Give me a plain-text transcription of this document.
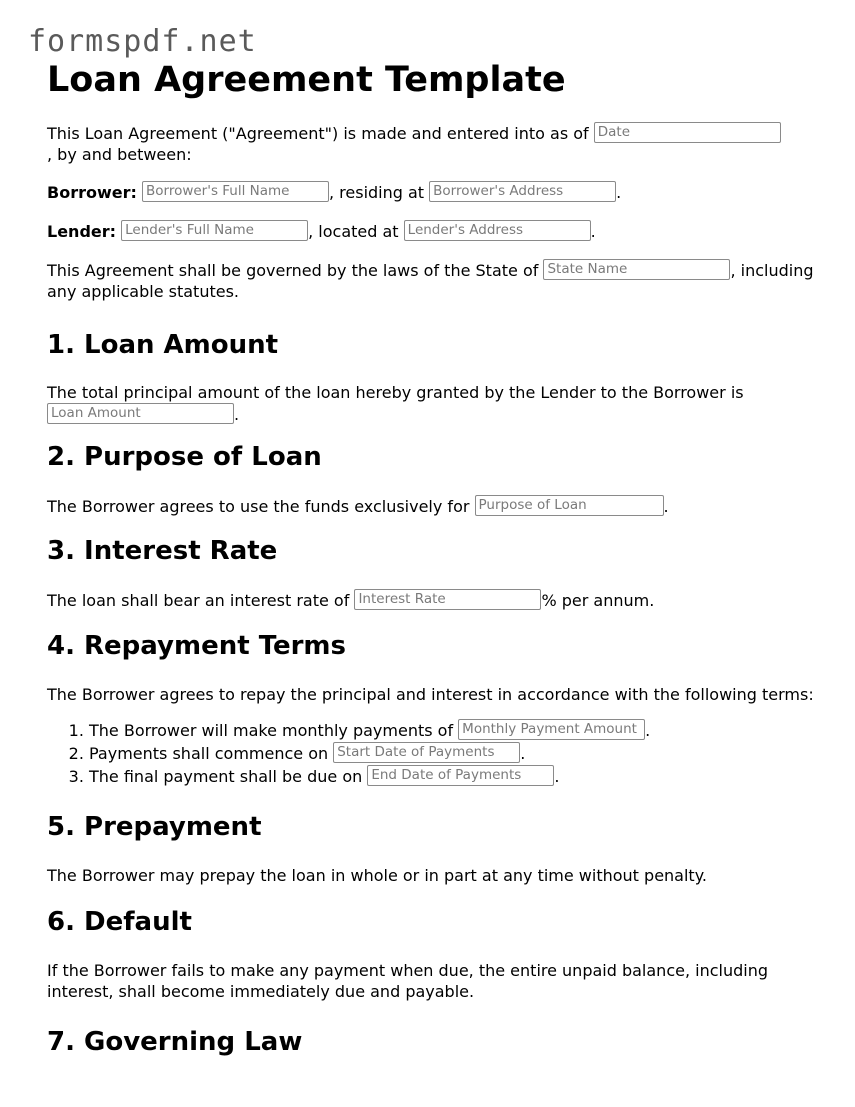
formspdf.net
Loan Agreement Template

This Loan Agreement ("Agreement") is made and entered into as of Date
, by and between:

Borrower: Borrower's Full Name , residing at Borrower's Address	.

Lender: Lender's Full Name	, located at Lender's Address	.

This Agreement shall be governed by the laws of the State of State Name	, including any applicable statutes.

1. Loan Amount

The total principal amount of the loan hereby granted by the Lender to the Borrower is Loan Amount	.

2. Purpose of Loan

The Borrower agrees to use the funds exclusively for Purpose of Loan	.

3. Interest Rate

The loan shall bear an interest rate of Interest Rate	% per annum.

4. Repayment Terms

The Borrower agrees to repay the principal and interest in accordance with the following terms:

1. The Borrower will make monthly payments of Monthly Payment Amount .
2. Payments shall commence on Start Date of Payments .
3. The final payment shall be due on End Date of Payments .
5. Prepayment

The Borrower may prepay the loan in whole or in part at any time without penalty.

6. Default

If the Borrower fails to make any payment when due, the entire unpaid balance, including interest, shall become immediately due and payable.

7. Governing Law
